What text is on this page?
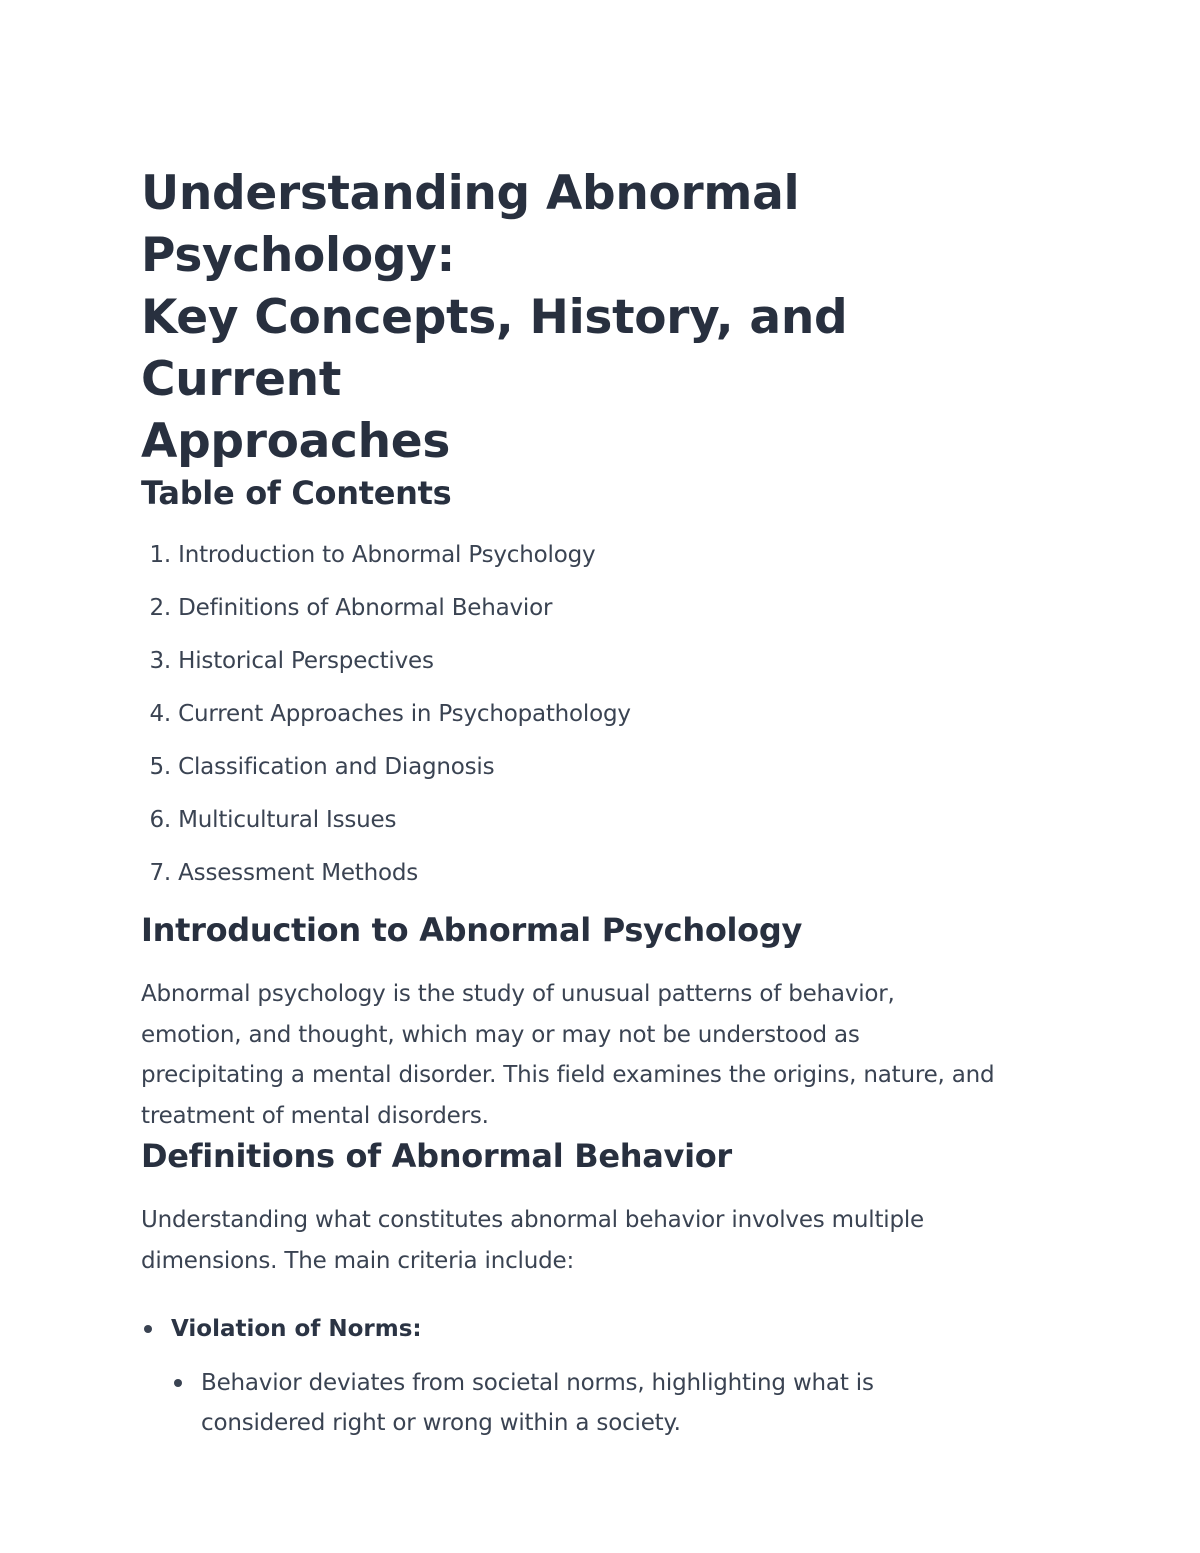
Understanding Abnormal Psychology:
Key Concepts, History, and Current
Approaches
Table of Contents
1. Introduction to Abnormal Psychology
2. Definitions of Abnormal Behavior
3. Historical Perspectives
4. Current Approaches in Psychopathology
5. Classification and Diagnosis
6. Multicultural Issues
7. Assessment Methods
Introduction to Abnormal Psychology

Abnormal psychology is the study of unusual patterns of behavior,
emotion, and thought, which may or may not be understood as
precipitating a mental disorder. This field examines the origins, nature, and
treatment of mental disorders.

Definitions of Abnormal Behavior

Understanding what constitutes abnormal behavior involves multiple
dimensions. The main criteria include:

Violation of Norms:
Behavior deviates from societal norms, highlighting what is
considered right or wrong within a society.
